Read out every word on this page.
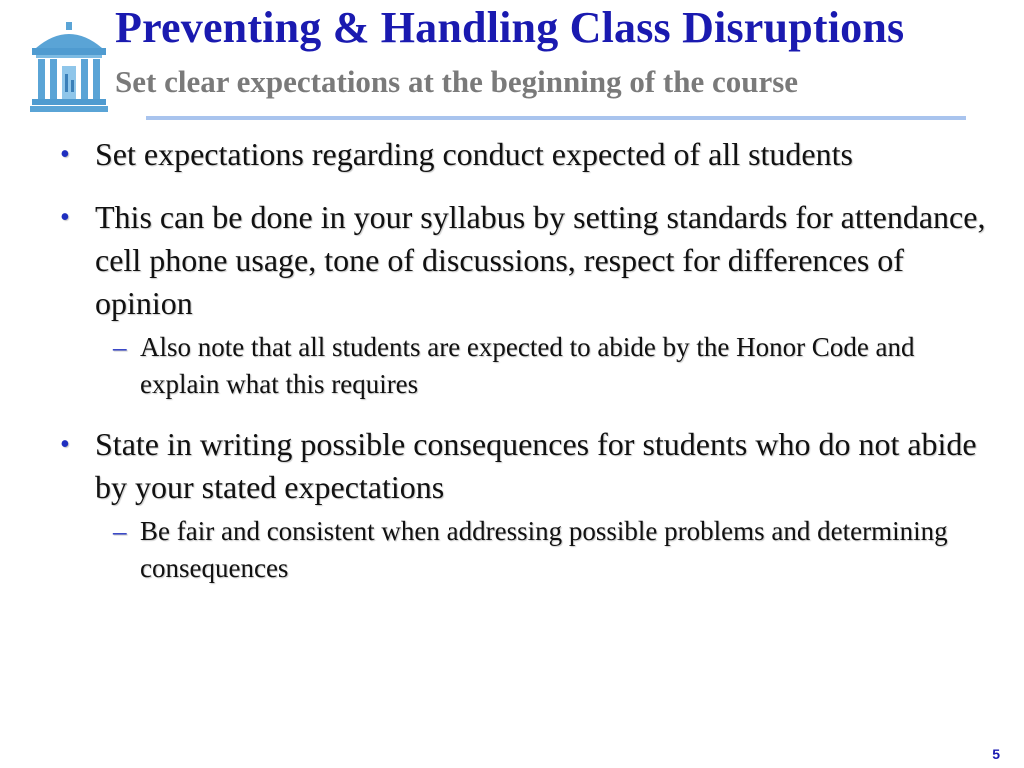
Preventing & Handling Class Disruptions
Set clear expectations at the beginning of the course
• Set expectations regarding conduct expected of all students
• This can be done in your syllabus by setting standards for attendance, cell phone usage, tone of discussions, respect for differences of opinion
– Also note that all students are expected to abide by the Honor Code and explain what this requires
• State in writing possible consequences for students who do not abide by your stated expectations
– Be fair and consistent when addressing possible problems and determining consequences
5
